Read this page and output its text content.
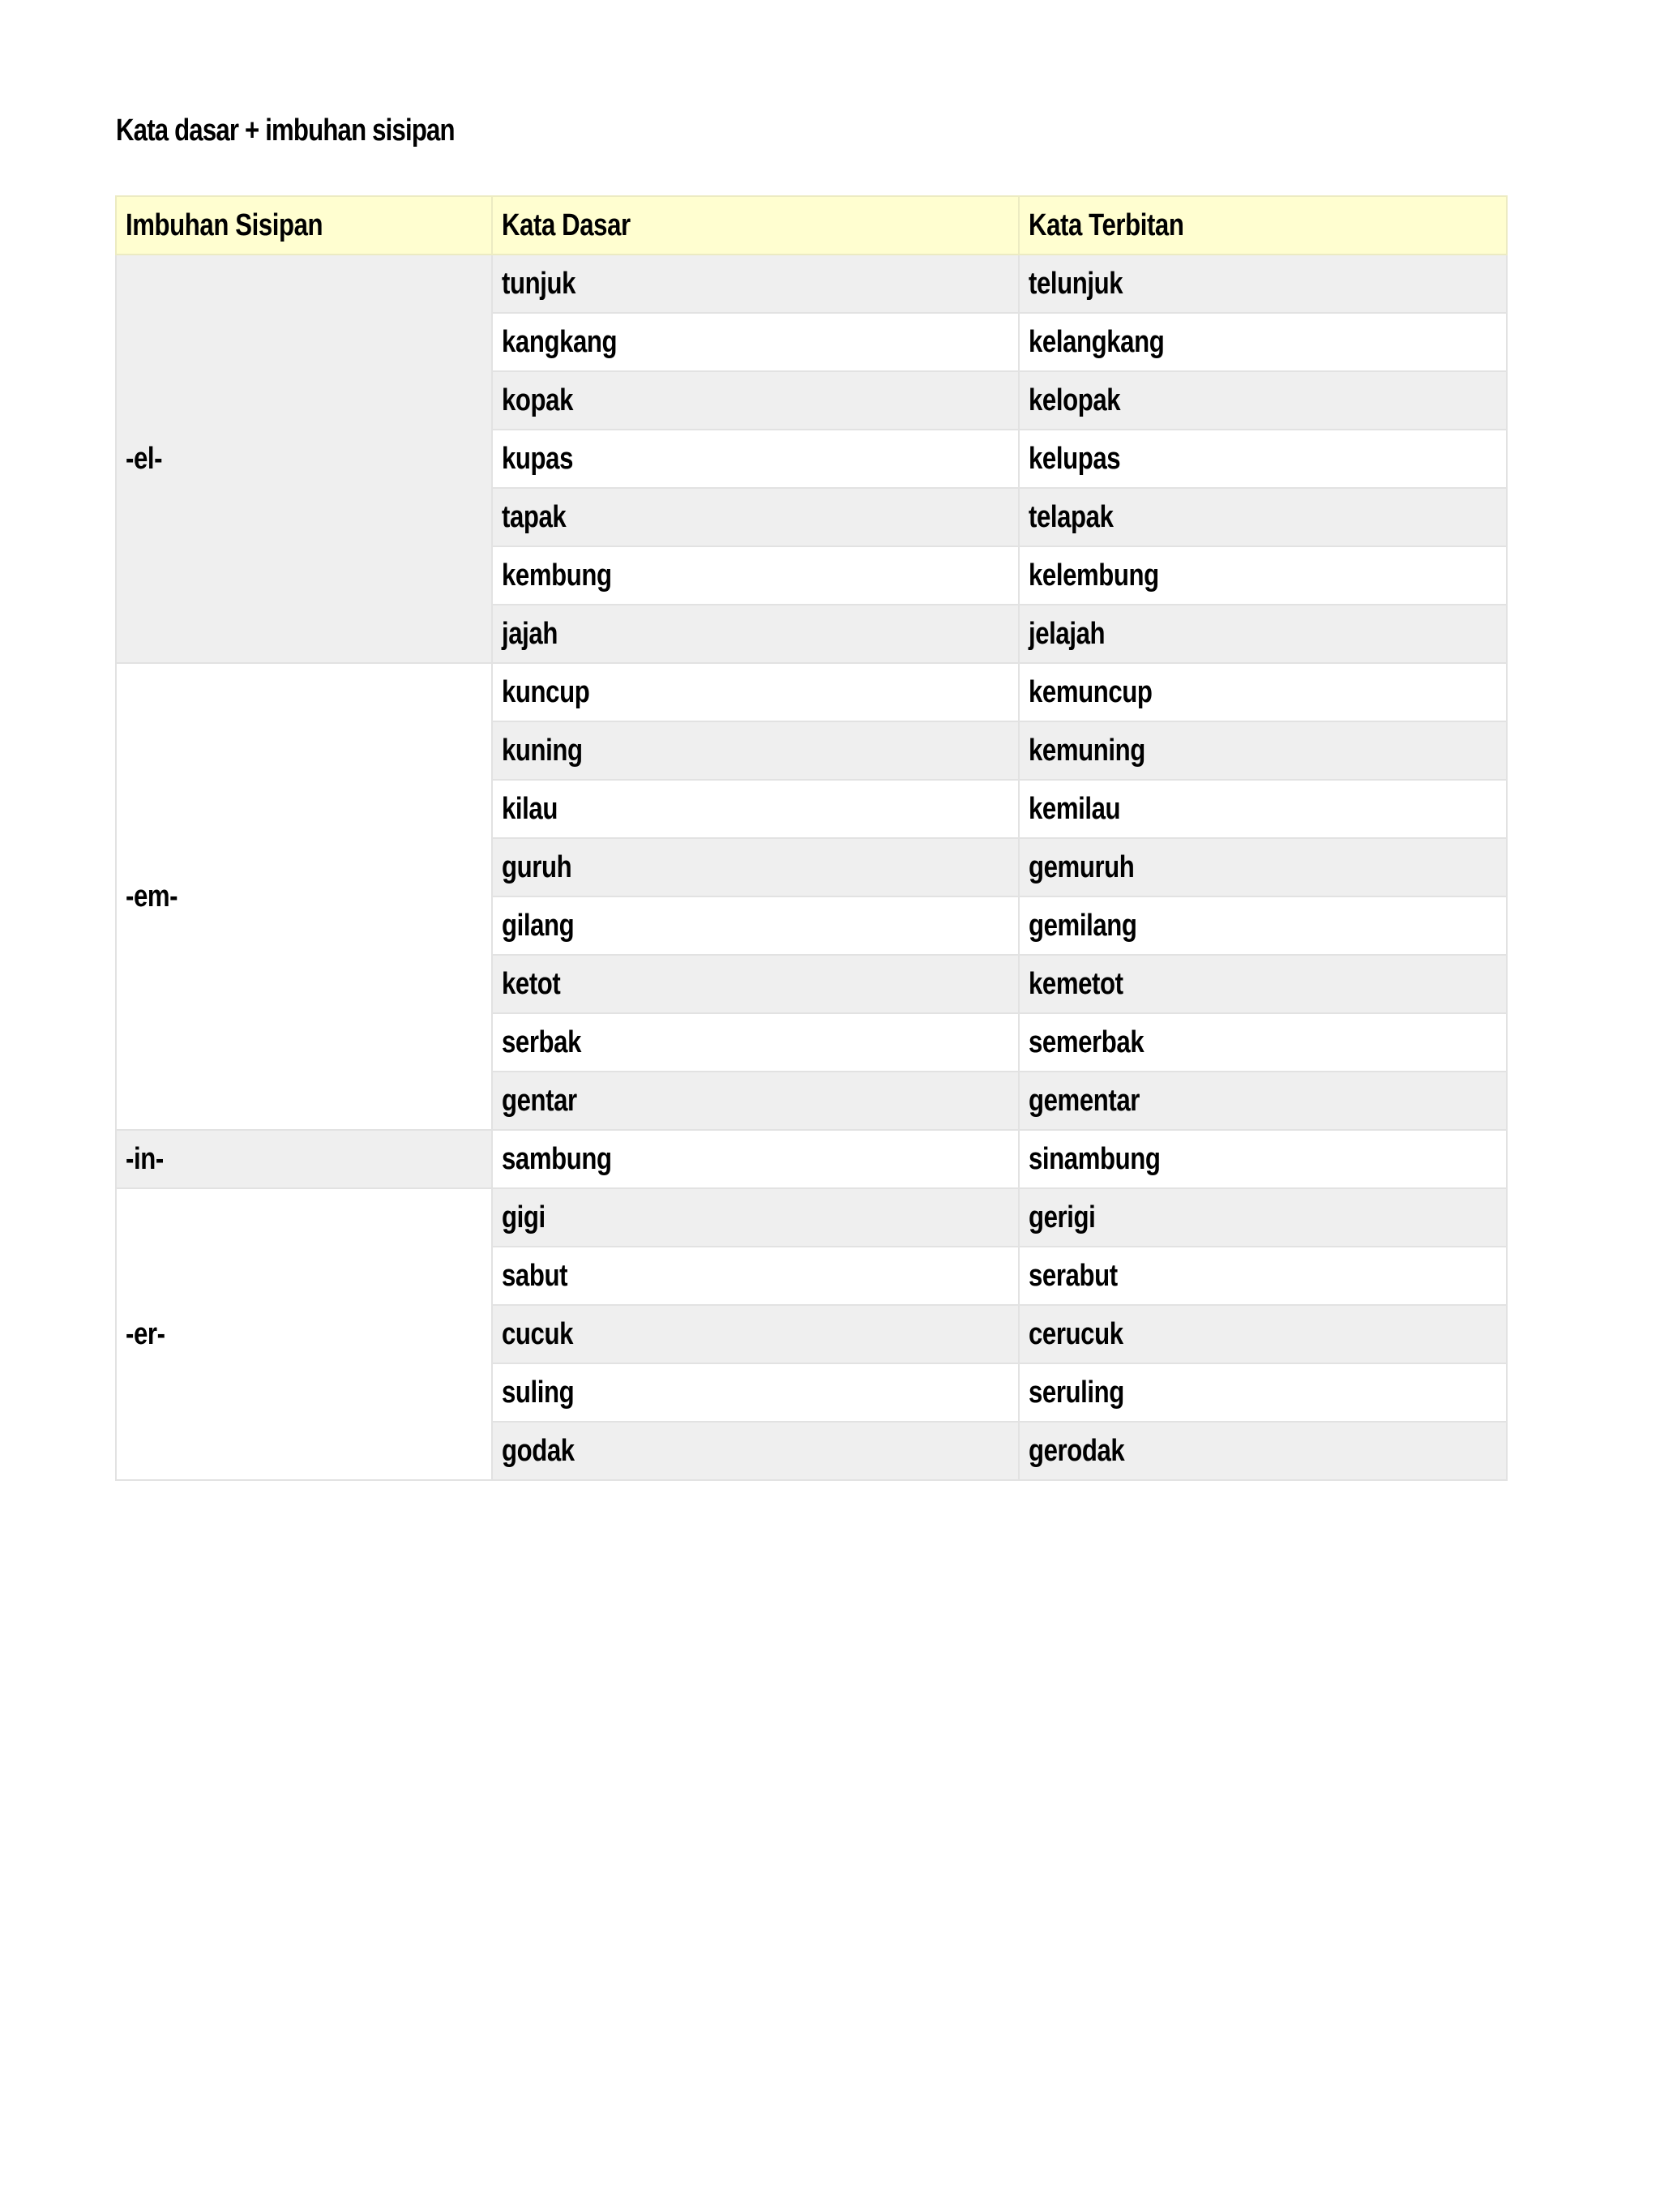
Kata dasar + imbuhan sisipan
Imbuhan Sisipan	Kata Dasar	Kata Terbitan
-el-	tunjuk	telunjuk
	kangkang	kelangkang
	kopak	kelopak
	kupas	kelupas
	tapak	telapak
	kembung	kelembung
	jajah	jelajah
-em-	kuncup	kemuncup
	kuning	kemuning
	kilau	kemilau
	guruh	gemuruh
	gilang	gemilang
	ketot	kemetot
	serbak	semerbak
	gentar	gementar
-in-	sambung	sinambung
-er-	gigi	gerigi
	sabut	serabut
	cucuk	cerucuk
	suling	seruling
	godak	gerodak
